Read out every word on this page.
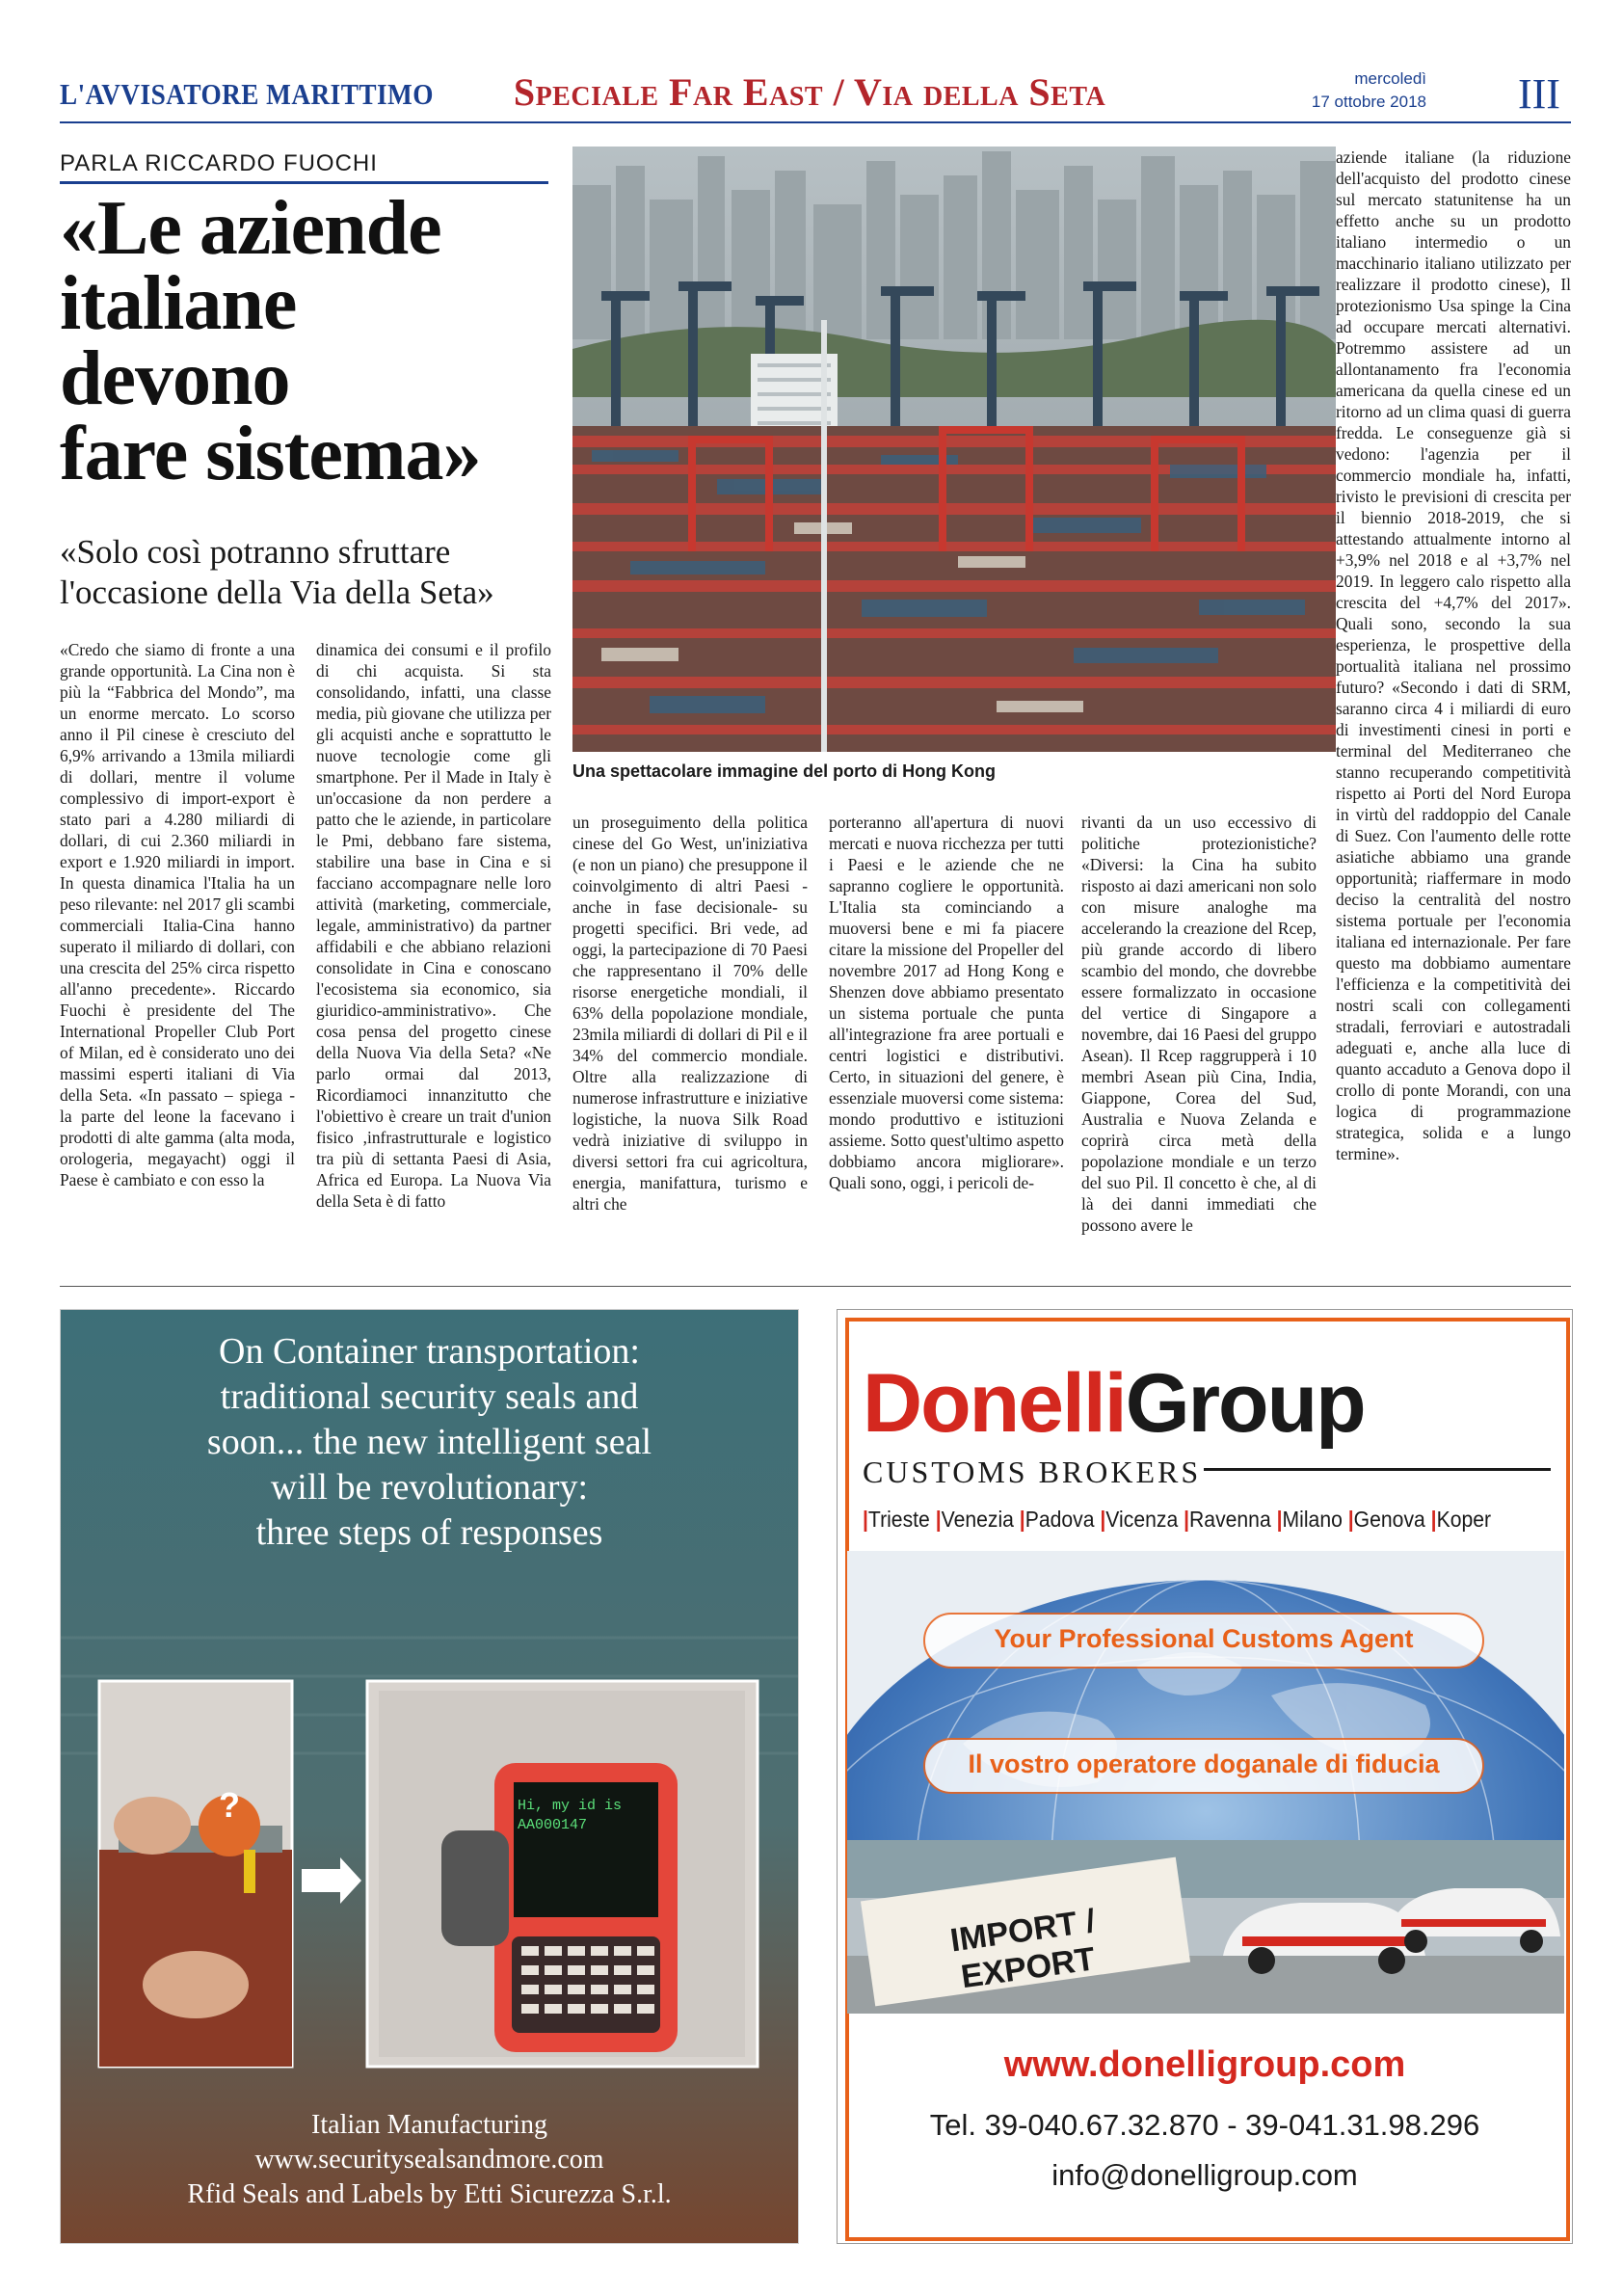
L'AVVISATORE MARITTIMO	Speciale Far East / Via della Seta	mercoledì
17 ottobre 2018 III
PARLA RICCARDO FUOCHI
«Le aziende
italiane
devono
fare sistema»
«Solo così potranno sfruttare l'occasione della Via della Seta»
Una spettacolare immagine del porto di Hong Kong
«Credo che siamo di fronte a una grande opportunità. La Cina non è più la “Fabbrica del Mondo”, ma un enorme mercato. Lo scorso anno il Pil cinese è cresciuto del 6,9% arrivando a 13mila miliardi di dollari, mentre il volume complessivo di import-export è stato pari a 4.280 miliardi di dollari, di cui 2.360 miliardi in export e 1.920 miliardi in import. In questa dinamica l'Italia ha un peso rilevante: nel 2017 gli scambi commerciali Italia-Cina hanno superato il miliardo di dollari, con una crescita del 25% circa rispetto all'anno precedente». Riccardo Fuochi è presidente del The International Propeller Club Port of Milan, ed è considerato uno dei massimi esperti italiani di Via della Seta. «In passato – spiega - la parte del leone la facevano i prodotti di alte gamma (alta moda, orologeria, megayacht) oggi il Paese è cambiato e con esso la
dinamica dei consumi e il profilo di chi acquista. Si sta consolidando, infatti, una classe media, più giovane che utilizza per gli acquisti anche e soprattutto le nuove tecnologie come gli smartphone. Per il Made in Italy è un'occasione da non perdere a patto che le aziende, in particolare le Pmi, debbano fare sistema, stabilire una base in Cina e si facciano accompagnare nelle loro attività (marketing, commerciale, legale, amministrativo) da partner affidabili e che abbiano relazioni consolidate in Cina e conoscano l'ecosistema sia economico, sia giuridico-amministrativo». Che cosa pensa del progetto cinese della Nuova Via della Seta? «Ne parlo ormai dal 2013, Ricordiamoci innanzitutto che l'obiettivo è creare un trait d'union fisico ,infrastrutturale e logistico tra più di settanta Paesi di Asia, Africa ed Europa. La Nuova Via della Seta è di fatto
un proseguimento della politica cinese del Go West, un'iniziativa (e non un piano) che presuppone il coinvolgimento di altri Paesi -anche in fase decisionale- su progetti specifici. Bri vede, ad oggi, la partecipazione di 70 Paesi che rappresentano il 70% delle risorse energetiche mondiali, il 63% della popolazione mondiale, 23mila miliardi di dollari di Pil e il 34% del commercio mondiale. Oltre alla realizzazione di numerose infrastrutture e iniziative logistiche, la nuova Silk Road vedrà iniziative di sviluppo in diversi settori fra cui agricoltura, energia, manifattura, turismo e altri che
porteranno all'apertura di nuovi mercati e nuova ricchezza per tutti i Paesi e le aziende che ne sapranno cogliere le opportunità. L'Italia sta cominciando a muoversi bene e mi fa piacere citare la missione del Propeller del novembre 2017 ad Hong Kong e Shenzen dove abbiamo presentato un sistema portuale che punta all'integrazione fra aree portuali e centri logistici e distributivi. Certo, in situazioni del genere, è essenziale muoversi come sistema: mondo produttivo e istituzioni assieme. Sotto quest'ultimo aspetto dobbiamo ancora migliorare». Quali sono, oggi, i pericoli de-
rivanti da un uso eccessivo di politiche protezionistiche? «Diversi: la Cina ha subito risposto ai dazi americani non solo con misure analoghe ma accelerando la creazione del Rcep, più grande accordo di libero scambio del mondo, che dovrebbe essere formalizzato in occasione del vertice di Singapore a novembre, dai 16 Paesi del gruppo Asean). Il Rcep raggrupperà i 10 membri Asean più Cina, India, Giappone, Corea del Sud, Australia e Nuova Zelanda e coprirà circa metà della popolazione mondiale e un terzo del suo Pil. Il concetto è che, al di là dei danni immediati che possono avere le
aziende italiane (la riduzione dell'acquisto del prodotto cinese sul mercato statunitense ha un effetto anche su un prodotto italiano intermedio o un macchinario italiano utilizzato per realizzare il prodotto cinese), Il protezionismo Usa spinge la Cina ad occupare mercati alternativi. Potremmo assistere ad un allontanamento fra l'economia americana da quella cinese ed un ritorno ad un clima quasi di guerra fredda. Le conseguenze già si vedono: l'agenzia per il commercio mondiale ha, infatti, rivisto le previsioni di crescita per il biennio 2018-2019, che si attestando attualmente intorno al +3,9% nel 2018 e al +3,7% nel 2019. In leggero calo rispetto alla crescita del +4,7% del 2017». Quali sono, secondo la sua esperienza, le prospettive della portualità italiana nel prossimo futuro? «Secondo i dati di SRM, saranno circa 4 i miliardi di euro di investimenti cinesi in porti e terminal del Mediterraneo che stanno recuperando competitività rispetto ai Porti del Nord Europa in virtù del raddoppio del Canale di Suez. Con l'aumento delle rotte asiatiche abbiamo una grande opportunità; riaffermare in modo deciso la centralità del nostro sistema portuale per l'economia italiana ed internazionale. Per fare questo ma dobbiamo aumentare l'efficienza e la competitività dei nostri scali con collegamenti stradali, ferroviari e autostradali adeguati e, anche alla luce di quanto accaduto a Genova dopo il crollo di ponte Morandi, con una logica di programmazione strategica, solida e a lungo termine».
On Container transportation:
traditional security seals and
soon... the new intelligent seal
will be revolutionary:
three steps of responses
?	Hi, my id is
AA000147
Italian Manufacturing
www.securitysealsandmore.com
Rfid Seals and Labels by Etti Sicurezza S.r.l.
DonelliGroup
CUSTOMS BROKERS
|Trieste |Venezia |Padova |Vicenza |Ravenna |Milano |Genova |Koper
Your Professional Customs Agent
Il vostro operatore doganale di fiducia
IMPORT / EXPORT
www.donelligroup.com
Tel. 39-040.67.32.870 - 39-041.31.98.296
info@donelligroup.com
